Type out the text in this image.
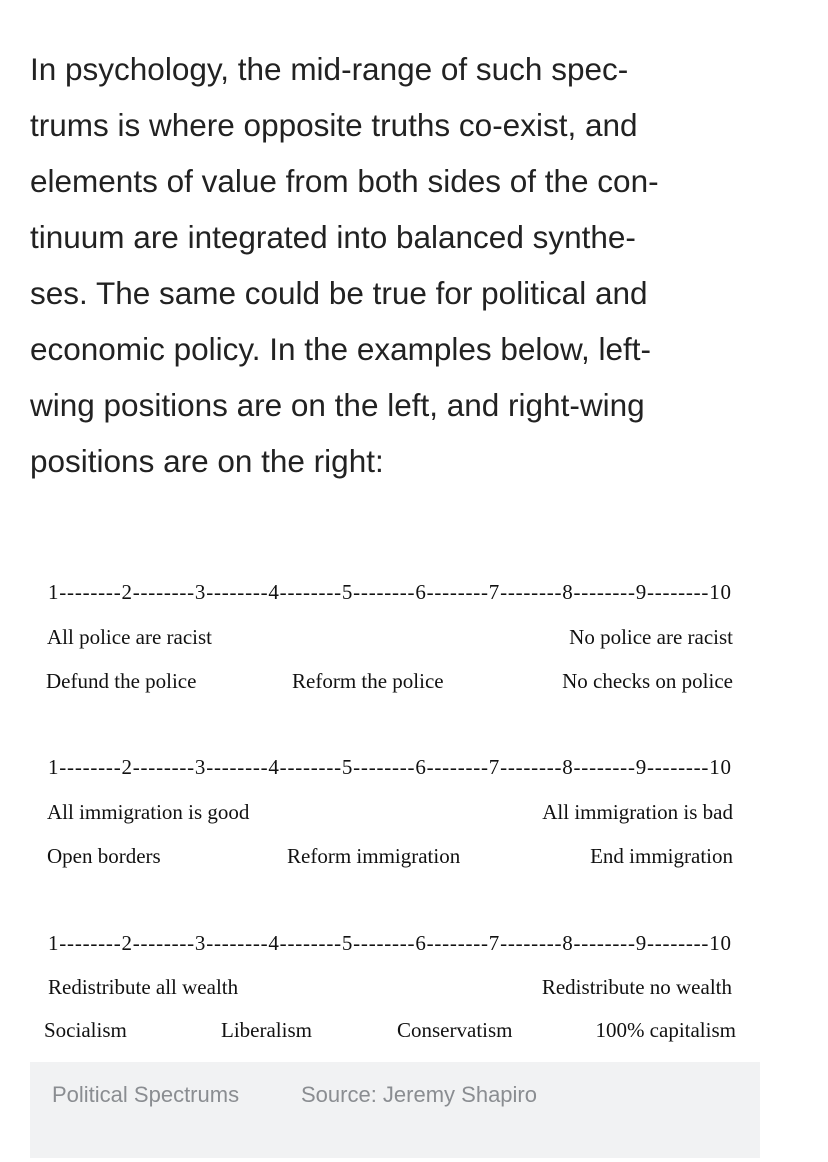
In psychology, the mid-range of such spec-
trums is where opposite truths co-exist, and
elements of value from both sides of the con-
tinuum are integrated into balanced synthe-
ses. The same could be true for political and
economic policy. In the examples below, left-
wing positions are on the left, and right-wing
positions are on the right:

1--------2--------3--------4--------5--------6--------7--------8--------9--------10
All police are racist	No police are racist
Defund the police	Reform the police	No checks on police
1--------2--------3--------4--------5--------6--------7--------8--------9--------10
All immigration is good	All immigration is bad
Open borders	Reform immigration	End immigration
1--------2--------3--------4--------5--------6--------7--------8--------9--------10
Redistribute all wealth	Redistribute no wealth
Socialism	Liberalism	Conservatism	100% capitalism
Political Spectrums	Source: Jeremy Shapiro
